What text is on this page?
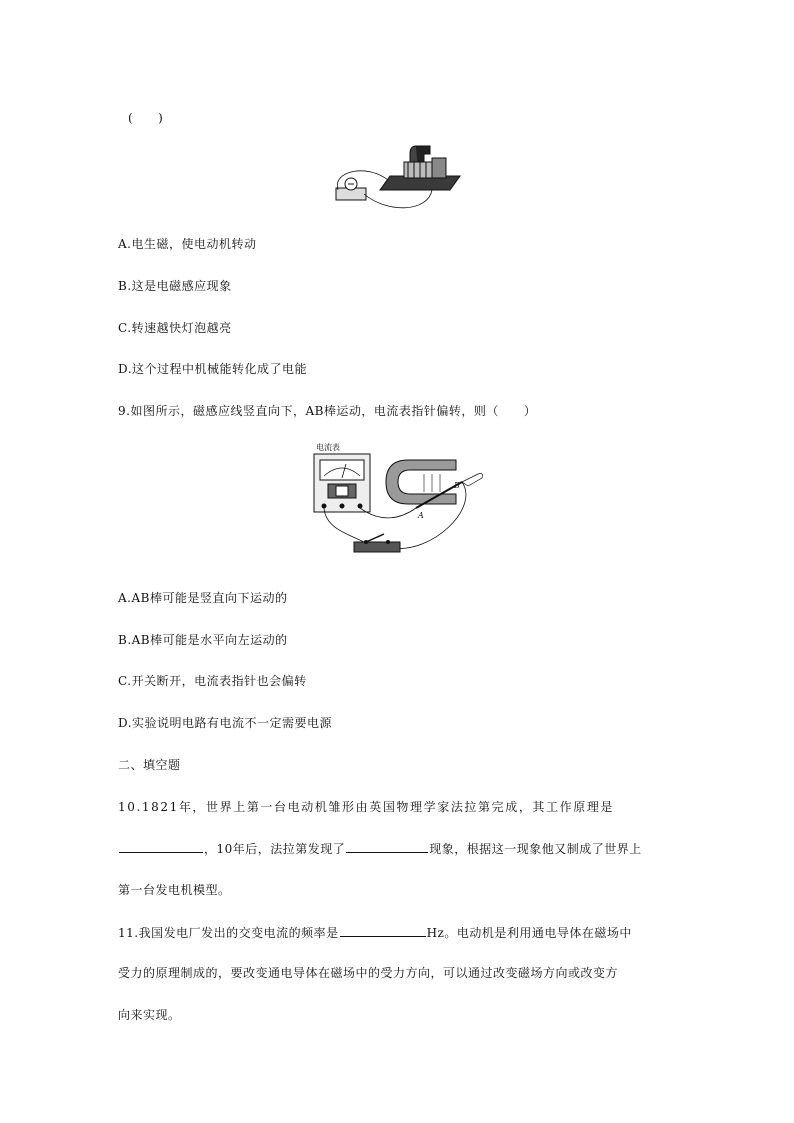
(　　)
A.电生磁，使电动机转动
B.这是电磁感应现象
C.转速越快灯泡越亮
D.这个过程中机械能转化成了电能
9.如图所示，磁感应线竖直向下，AB棒运动，电流表指针偏转，则（　　）
电流表
A
B
A.AB棒可能是竖直向下运动的
B.AB棒可能是水平向左运动的
C.开关断开，电流表指针也会偏转
D.实验说明电路有电流不一定需要电源
二、填空题
10.1821年，世界上第一台电动机雏形由英国物理学家法拉第完成，其工作原理是
，10年后，法拉第发现了	现象，根据这一现象他又制成了世界上
第一台发电机模型。
11.我国发电厂发出的交变电流的频率是	Hz。电动机是利用通电导体在磁场中
受力的原理制成的，要改变通电导体在磁场中的受力方向，可以通过改变磁场方向或改变方
向来实现。
